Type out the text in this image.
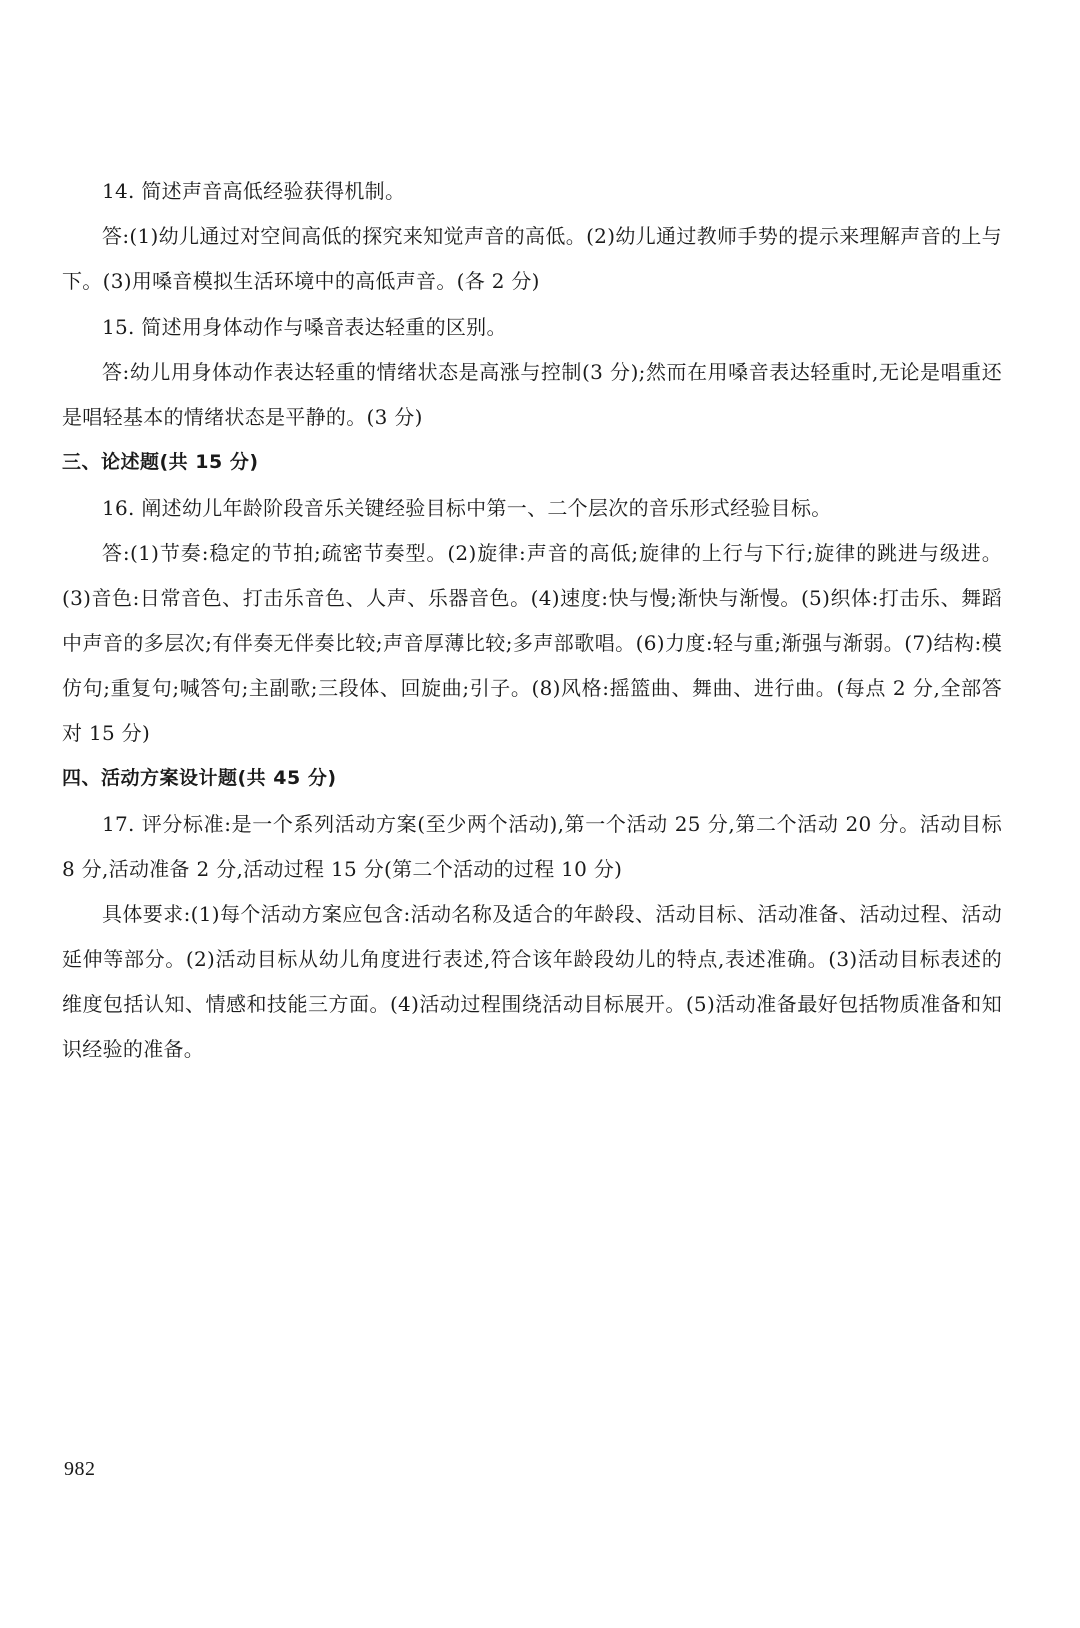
14. 简述声音高低经验获得机制。

答:(1)幼儿通过对空间高低的探究来知觉声音的高低。(2)幼儿通过教师手势的提示来理解声音的上与下。(3)用嗓音模拟生活环境中的高低声音。(各 2 分)

15. 简述用身体动作与嗓音表达轻重的区别。

答:幼儿用身体动作表达轻重的情绪状态是高涨与控制(3 分);然而在用嗓音表达轻重时,无论是唱重还是唱轻基本的情绪状态是平静的。(3 分)

三、论述题(共 15 分)

16. 阐述幼儿年龄阶段音乐关键经验目标中第一、二个层次的音乐形式经验目标。

答:(1)节奏:稳定的节拍;疏密节奏型。(2)旋律:声音的高低;旋律的上行与下行;旋律的跳进与级进。(3)音色:日常音色、打击乐音色、人声、乐器音色。(4)速度:快与慢;渐快与渐慢。(5)织体:打击乐、舞蹈中声音的多层次;有伴奏无伴奏比较;声音厚薄比较;多声部歌唱。(6)力度:轻与重;渐强与渐弱。(7)结构:模仿句;重复句;喊答句;主副歌;三段体、回旋曲;引子。(8)风格:摇篮曲、舞曲、进行曲。(每点 2 分,全部答对 15 分)

四、活动方案设计题(共 45 分)

17. 评分标准:是一个系列活动方案(至少两个活动),第一个活动 25 分,第二个活动 20 分。活动目标 8 分,活动准备 2 分,活动过程 15 分(第二个活动的过程 10 分)

具体要求:(1)每个活动方案应包含:活动名称及适合的年龄段、活动目标、活动准备、活动过程、活动延伸等部分。(2)活动目标从幼儿角度进行表述,符合该年龄段幼儿的特点,表述准确。(3)活动目标表述的维度包括认知、情感和技能三方面。(4)活动过程围绕活动目标展开。(5)活动准备最好包括物质准备和知识经验的准备。

982
